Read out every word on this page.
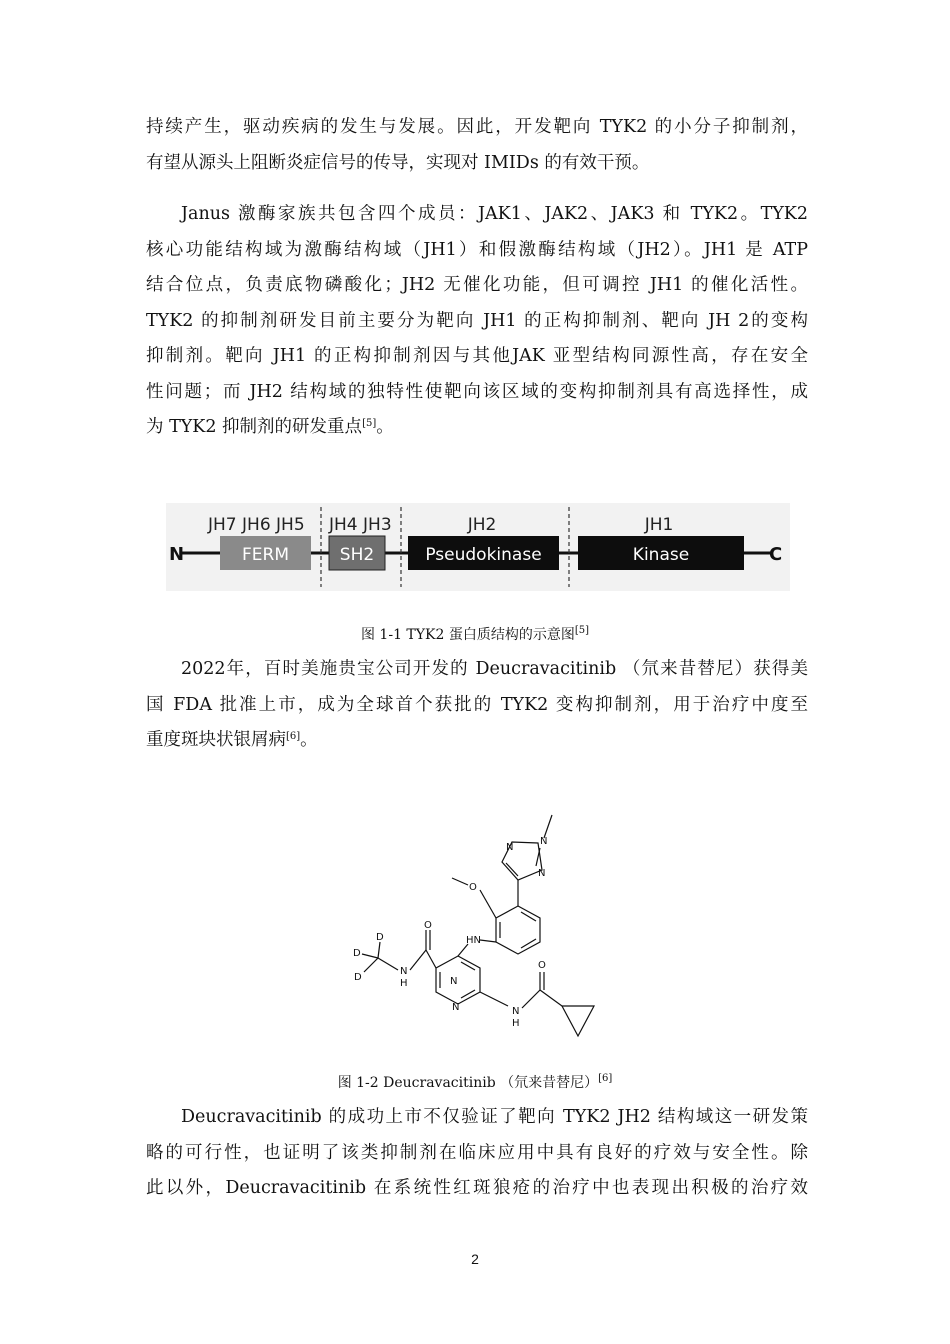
持续产生，驱动疾病的发生与发展。因此，开发靶向 TYK2 的小分子抑制剂，
有望从源头上阻断炎症信号的传导，实现对 IMIDs 的有效干预。
Janus 激酶家族共包含四个成员：JAK1、JAK2、JAK3 和 TYK2。TYK2
核心功能结构域为激酶结构域（JH1）和假激酶结构域（JH2）。JH1 是 ATP
结合位点，负责底物磷酸化；JH2 无催化功能，但可调控 JH1 的催化活性。
TYK2 的抑制剂研发目前主要分为靶向 JH1 的正构抑制剂、靶向 JH 2的变构
抑制剂。靶向 JH1 的正构抑制剂因与其他JAK 亚型结构同源性高，存在安全
性问题；而 JH2 结构域的独特性使靶向该区域的变构抑制剂具有高选择性，成
为 TYK2 抑制剂的研发重点[5]。
N	C
JH7 JH6 JH5
FERM
JH4 JH3
SH2
JH2
Pseudokinase
JH1
Kinase
图 1-1 TYK2 蛋白质结构的示意图[5]
2022年，百时美施贵宝公司开发的 Deucravacitinib （氘来昔替尼）获得美
国 FDA 批准上市，成为全球首个获批的 TYK2 变构抑制剂，用于治疗中度至
重度斑块状银屑病[6]。
N
N
N
O
HN
O
N
H
D
D
D	N
N	N
H
O
图 1-2 Deucravacitinib （氘来昔替尼）[6]
Deucravacitinib 的成功上市不仅验证了靶向 TYK2 JH2 结构域这一研发策
略的可行性，也证明了该类抑制剂在临床应用中具有良好的疗效与安全性。除
此以外，Deucravacitinib 在系统性红斑狼疮的治疗中也表现出积极的治疗效
2
